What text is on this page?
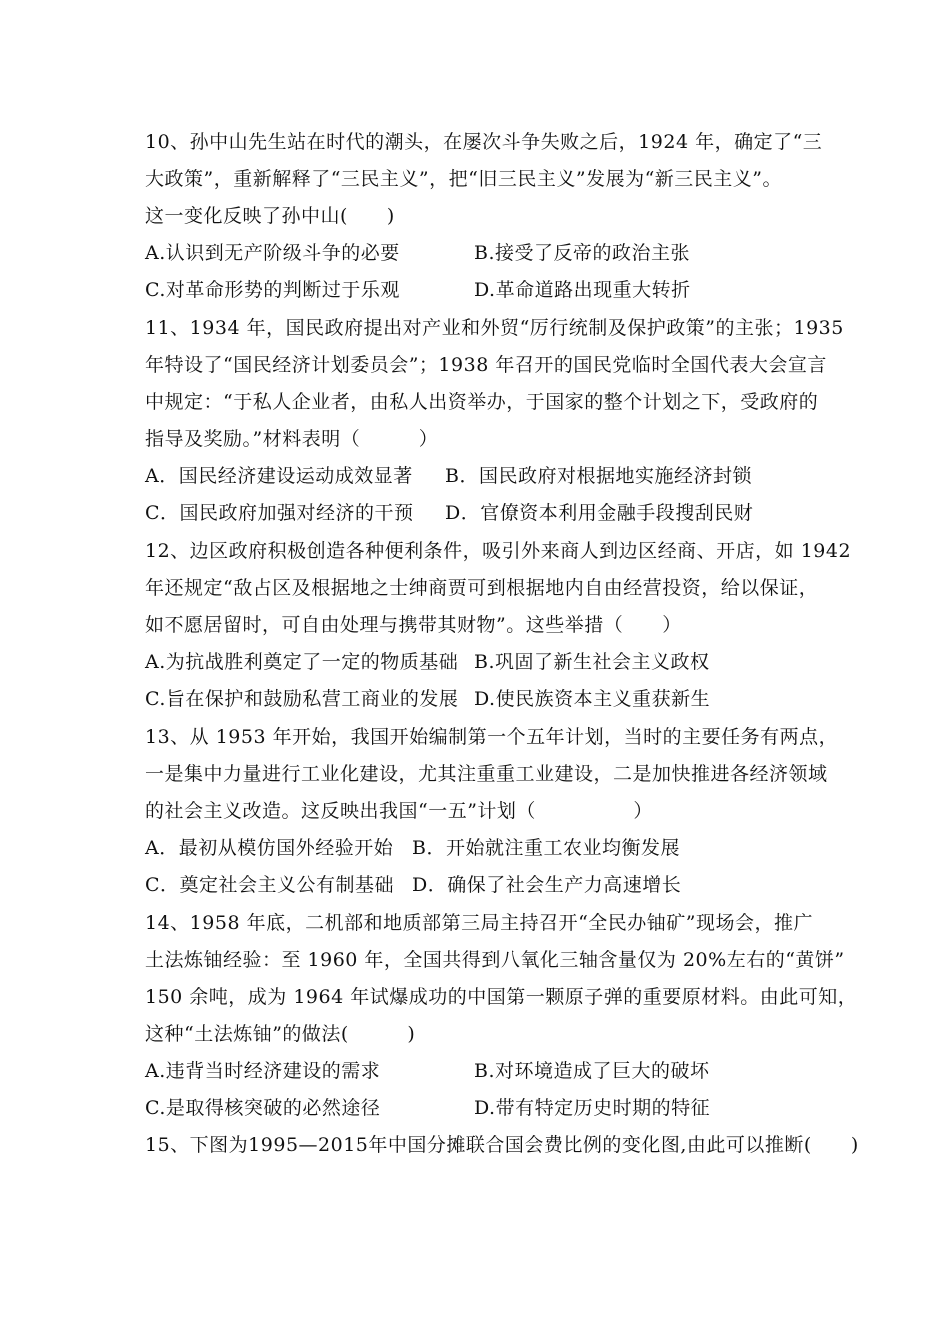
10、孙中山先生站在时代的潮头，在屡次斗争失败之后，1924 年，确定了“三
大政策”，重新解释了“三民主义”，把“旧三民主义”发展为“新三民主义”。
这一变化反映了孙中山(　　)
A.认识到无产阶级斗争的必要	B.接受了反帝的政治主张
C.对革命形势的判断过于乐观	D.革命道路出现重大转折
11、1934 年，国民政府提出对产业和外贸“厉行统制及保护政策”的主张；1935
年特设了“国民经济计划委员会”；1938 年召开的国民党临时全国代表大会宣言
中规定：“于私人企业者，由私人出资举办，于国家的整个计划之下，受政府的
指导及奖励。”材料表明（　　　）
A．国民经济建设运动成效显著 B．国民政府对根据地实施经济封锁
C．国民政府加强对经济的干预 D．官僚资本利用金融手段搜刮民财
12、边区政府积极创造各种便利条件，吸引外来商人到边区经商、开店，如 1942
年还规定“敌占区及根据地之士绅商贾可到根据地内自由经营投资，给以保证，
如不愿居留时，可自由处理与携带其财物”。这些举措（　　）
A.为抗战胜利奠定了一定的物质基础 B.巩固了新生社会主义政权
C.旨在保护和鼓励私营工商业的发展 D.使民族资本主义重获新生
13、从 1953 年开始，我国开始编制第一个五年计划，当时的主要任务有两点，
一是集中力量进行工业化建设，尤其注重重工业建设，二是加快推进各经济领域
的社会主义改造。这反映出我国“一五”计划（　　　　　）
A．最初从模仿国外经验开始 B．开始就注重工农业均衡发展
C．奠定社会主义公有制基础 D．确保了社会生产力高速增长
14、1958 年底，二机部和地质部第三局主持召开“全民办铀矿”现场会，推广
土法炼铀经验：至 1960 年，全国共得到八氧化三轴含量仅为 20%左右的“黄饼”
150 余吨，成为 1964 年试爆成功的中国第一颗原子弹的重要原材料。由此可知，
这种“土法炼铀”的做法(　　　)
A.违背当时经济建设的需求	B.对环境造成了巨大的破坏
C.是取得核突破的必然途径	D.带有特定历史时期的特征
15、下图为1995—2015年中国分摊联合国会费比例的变化图,由此可以推断(　　)
